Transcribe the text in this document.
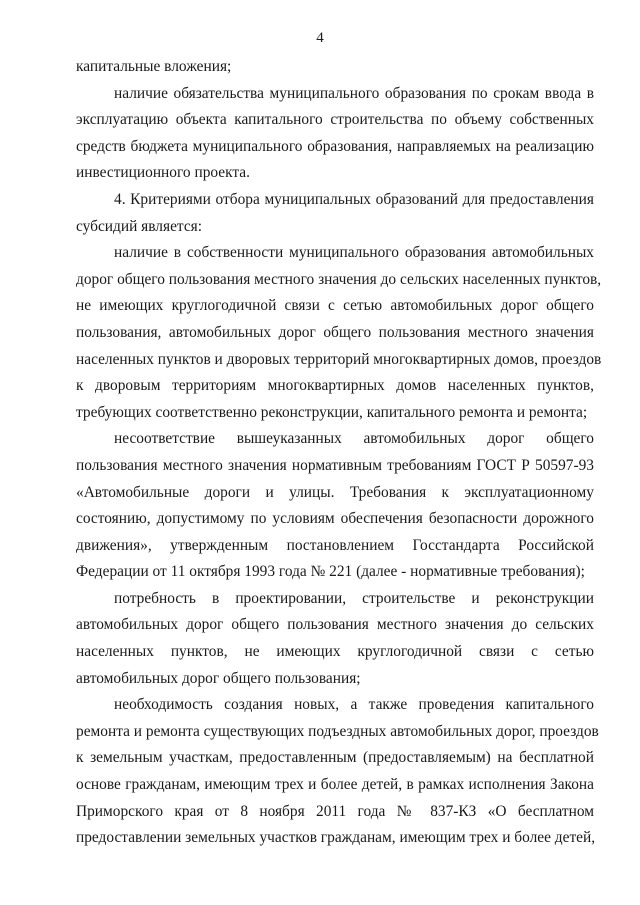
4
капитальные вложения;
наличие обязательства муниципального образования по срокам ввода в
эксплуатацию объекта капитального строительства по объему собственных
средств бюджета муниципального образования, направляемых на реализацию
инвестиционного проекта.
4. Критериями отбора муниципальных образований для предоставления
субсидий является:
наличие в собственности муниципального образования автомобильных
дорог общего пользования местного значения до сельских населенных пунктов,
не имеющих круглогодичной связи с сетью автомобильных дорог общего
пользования, автомобильных дорог общего пользования местного значения
населенных пунктов и дворовых территорий многоквартирных домов, проездов
к дворовым территориям многоквартирных домов населенных пунктов,
требующих соответственно реконструкции, капитального ремонта и ремонта;
несоответствие вышеуказанных автомобильных дорог общего
пользования местного значения нормативным требованиям ГОСТ Р 50597-93
«Автомобильные дороги и улицы. Требования к эксплуатационному
состоянию, допустимому по условиям обеспечения безопасности дорожного
движения», утвержденным постановлением Госстандарта Российской
Федерации от 11 октября 1993 года № 221 (далее - нормативные требования);
потребность в проектировании, строительстве и реконструкции
автомобильных дорог общего пользования местного значения до сельских
населенных пунктов, не имеющих круглогодичной связи с сетью
автомобильных дорог общего пользования;
необходимость создания новых, а также проведения капитального
ремонта и ремонта существующих подъездных автомобильных дорог, проездов
к земельным участкам, предоставленным (предоставляемым) на бесплатной
основе гражданам, имеющим трех и более детей, в рамках исполнения Закона
Приморского края от 8 ноября 2011 года № 837-КЗ «О бесплатном
предоставлении земельных участков гражданам, имеющим трех и более детей,
